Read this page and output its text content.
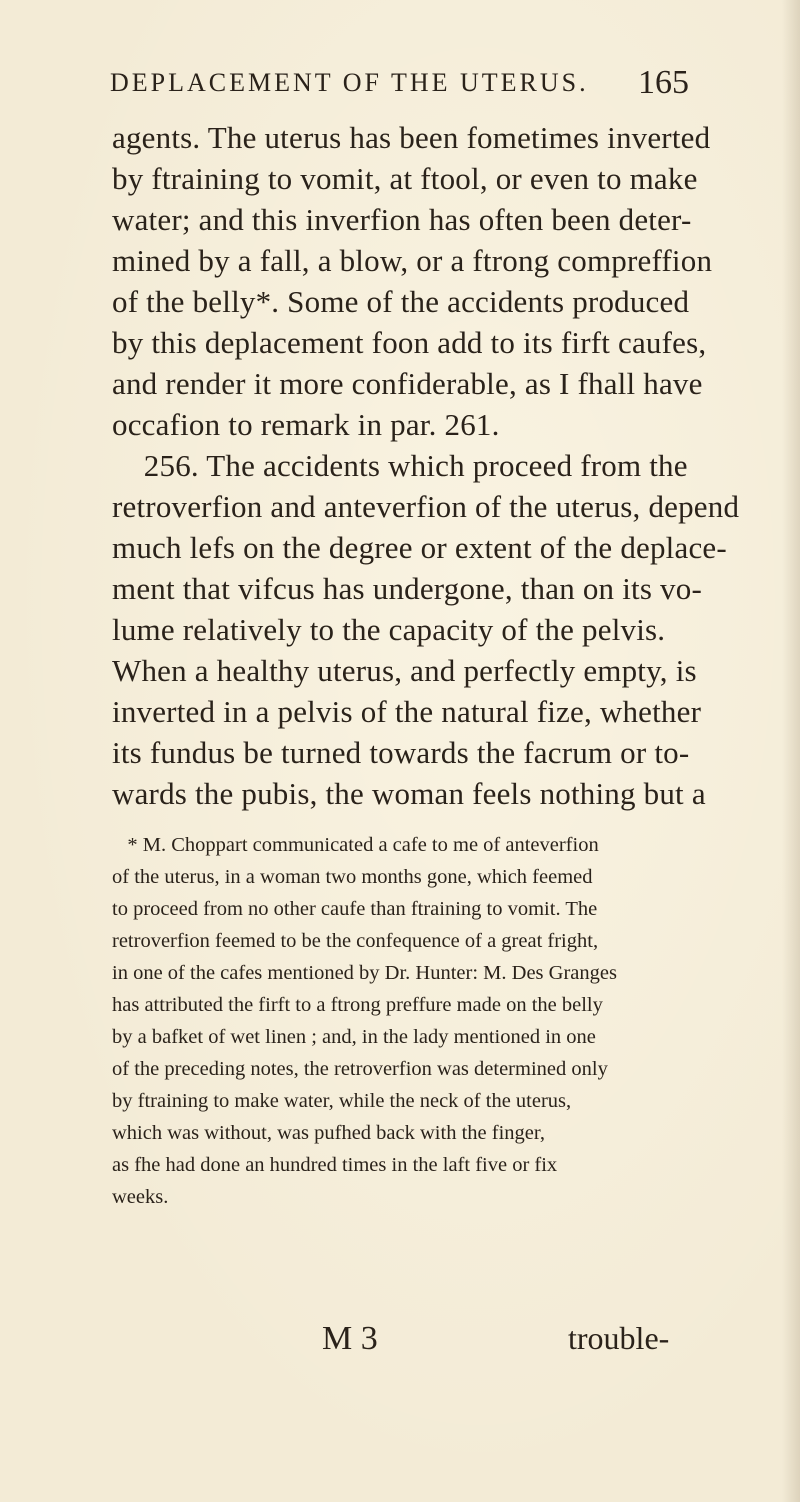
DEPLACEMENT OF THE UTERUS. 165
agents. The uterus has been fometimes inverted
by ftraining to vomit, at ftool, or even to make
water; and this inverfion has often been deter-
mined by a fall, a blow, or a ftrong compreffion
of the belly*. Some of the accidents produced
by this deplacement foon add to its firft caufes,
and render it more confiderable, as I fhall have
occafion to remark in par. 261.
256. The accidents which proceed from the
retroverfion and anteverfion of the uterus, depend
much lefs on the degree or extent of the deplace-
ment that vifcus has undergone, than on its vo-
lume relatively to the capacity of the pelvis.
When a healthy uterus, and perfectly empty, is
inverted in a pelvis of the natural fize, whether
its fundus be turned towards the facrum or to-
wards the pubis, the woman feels nothing but a
* M. Choppart communicated a cafe to me of anteverfion
of the uterus, in a woman two months gone, which feemed
to proceed from no other caufe than ftraining to vomit. The
retroverfion feemed to be the confequence of a great fright,
in one of the cafes mentioned by Dr. Hunter: M. Des Granges
has attributed the firft to a ftrong preffure made on the belly
by a bafket of wet linen ; and, in the lady mentioned in one
of the preceding notes, the retroverfion was determined only
by ftraining to make water, while the neck of the uterus,
which was without, was pufhed back with the finger,
as fhe had done an hundred times in the laft five or fix
weeks.
M 3	trouble-
